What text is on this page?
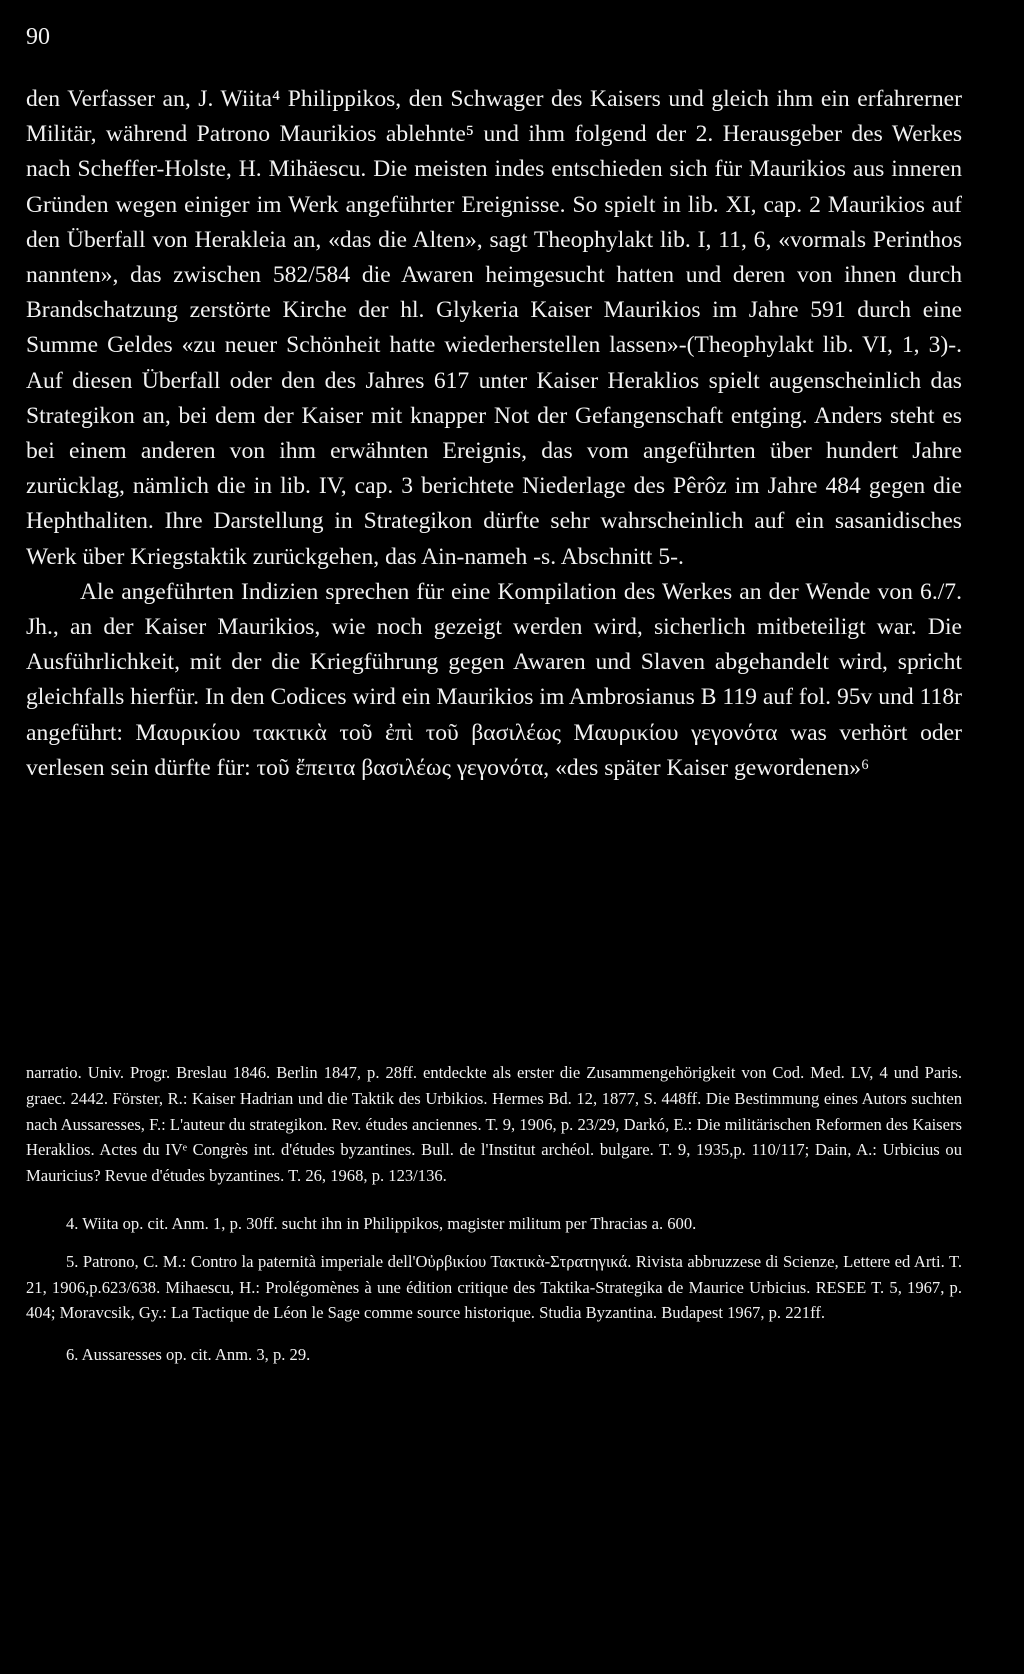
90

den Verfasser an, J. Wiita⁴ Philippikos, den Schwager des Kaisers und gleich ihm ein erfahrerner Militär, während Patrono Maurikios ablehnte⁵ und ihm folgend der 2. Herausgeber des Werkes nach Scheffer-Holste, H. Mihäescu. Die meisten indes entschieden sich für Maurikios aus inneren Gründen wegen einiger im Werk angeführter Ereignisse. So spielt in lib. XI, cap. 2 Maurikios auf den Überfall von Herakleia an, «das die Alten», sagt Theophylakt lib. I, 11, 6, «vormals Perinthos nannten», das zwischen 582/584 die Awaren heimgesucht hatten und deren von ihnen durch Brandschatzung zerstörte Kirche der hl. Glykeria Kaiser Maurikios im Jahre 591 durch eine Summe Geldes «zu neuer Schönheit hatte wiederherstellen lassen»-(Theophylakt lib. VI, 1, 3)-. Auf diesen Überfall oder den des Jahres 617 unter Kaiser Heraklios spielt augenscheinlich das Strategikon an, bei dem der Kaiser mit knapper Not der Gefangenschaft entging. Anders steht es bei einem anderen von ihm erwähnten Ereignis, das vom angeführten über hundert Jahre zurücklag, nämlich die in lib. IV, cap. 3 berichtete Niederlage des Pêrôz im Jahre 484 gegen die Hephthaliten. Ihre Darstellung in Strategikon dürfte sehr wahrscheinlich auf ein sasanidisches Werk über Kriegstaktik zurückgehen, das Ain-nameh -s. Abschnitt 5-.

Ale angeführten Indizien sprechen für eine Kompilation des Werkes an der Wende von 6./7. Jh., an der Kaiser Maurikios, wie noch gezeigt werden wird, sicherlich mitbeteiligt war. Die Ausführlichkeit, mit der die Kriegführung gegen Awaren und Slaven abgehandelt wird, spricht gleichfalls hierfür. In den Codices wird ein Maurikios im Ambrosianus B 119 auf fol. 95v und 118r angeführt: Μαυρικίου τακτικὰ τοῦ ἐπὶ τοῦ βασιλέως Μαυρικίου γεγονότα was verhört oder verlesen sein dürfte für: τοῦ ἔπειτα βασιλέως γεγονότα, «des später Kaiser gewordenen»⁶

narratio. Univ. Progr. Breslau 1846. Berlin 1847, p. 28ff. entdeckte als erster die Zusammengehörigkeit von Cod. Med. LV, 4 und Paris. graec. 2442. Förster, R.: Kaiser Hadrian und die Taktik des Urbikios. Hermes Bd. 12, 1877, S. 448ff. Die Bestimmung eines Autors suchten nach Aussaresses, F.: L'auteur du strategikon. Rev. études anciennes. T. 9, 1906, p. 23/29, Darkó, E.: Die militärischen Reformen des Kaisers Heraklios. Actes du IVᵉ Congrès int. d'études byzantines. Bull. de l'Institut archéol. bulgare. T. 9, 1935,p. 110/117; Dain, A.: Urbicius ou Mauricius? Revue d'études byzantines. T. 26, 1968, p. 123/136.

4. Wiita op. cit. Anm. 1, p. 30ff. sucht ihn in Philippikos, magister militum per Thracias a. 600.

5. Patrono, C. M.: Contro la paternità imperiale dell'Οὐρβικίου Τακτικὰ-Στρατηγικά. Rivista abbruzzese di Scienze, Lettere ed Arti. T. 21, 1906,p.623/638. Mihaescu, H.: Prolégomènes à une édition critique des Taktika-Strategika de Maurice Urbicius. RESEE T. 5, 1967, p. 404; Moravcsik, Gy.: La Tactique de Léon le Sage comme source historique. Studia Byzantina. Budapest 1967, p. 221ff.

6. Aussaresses op. cit. Anm. 3, p. 29.
